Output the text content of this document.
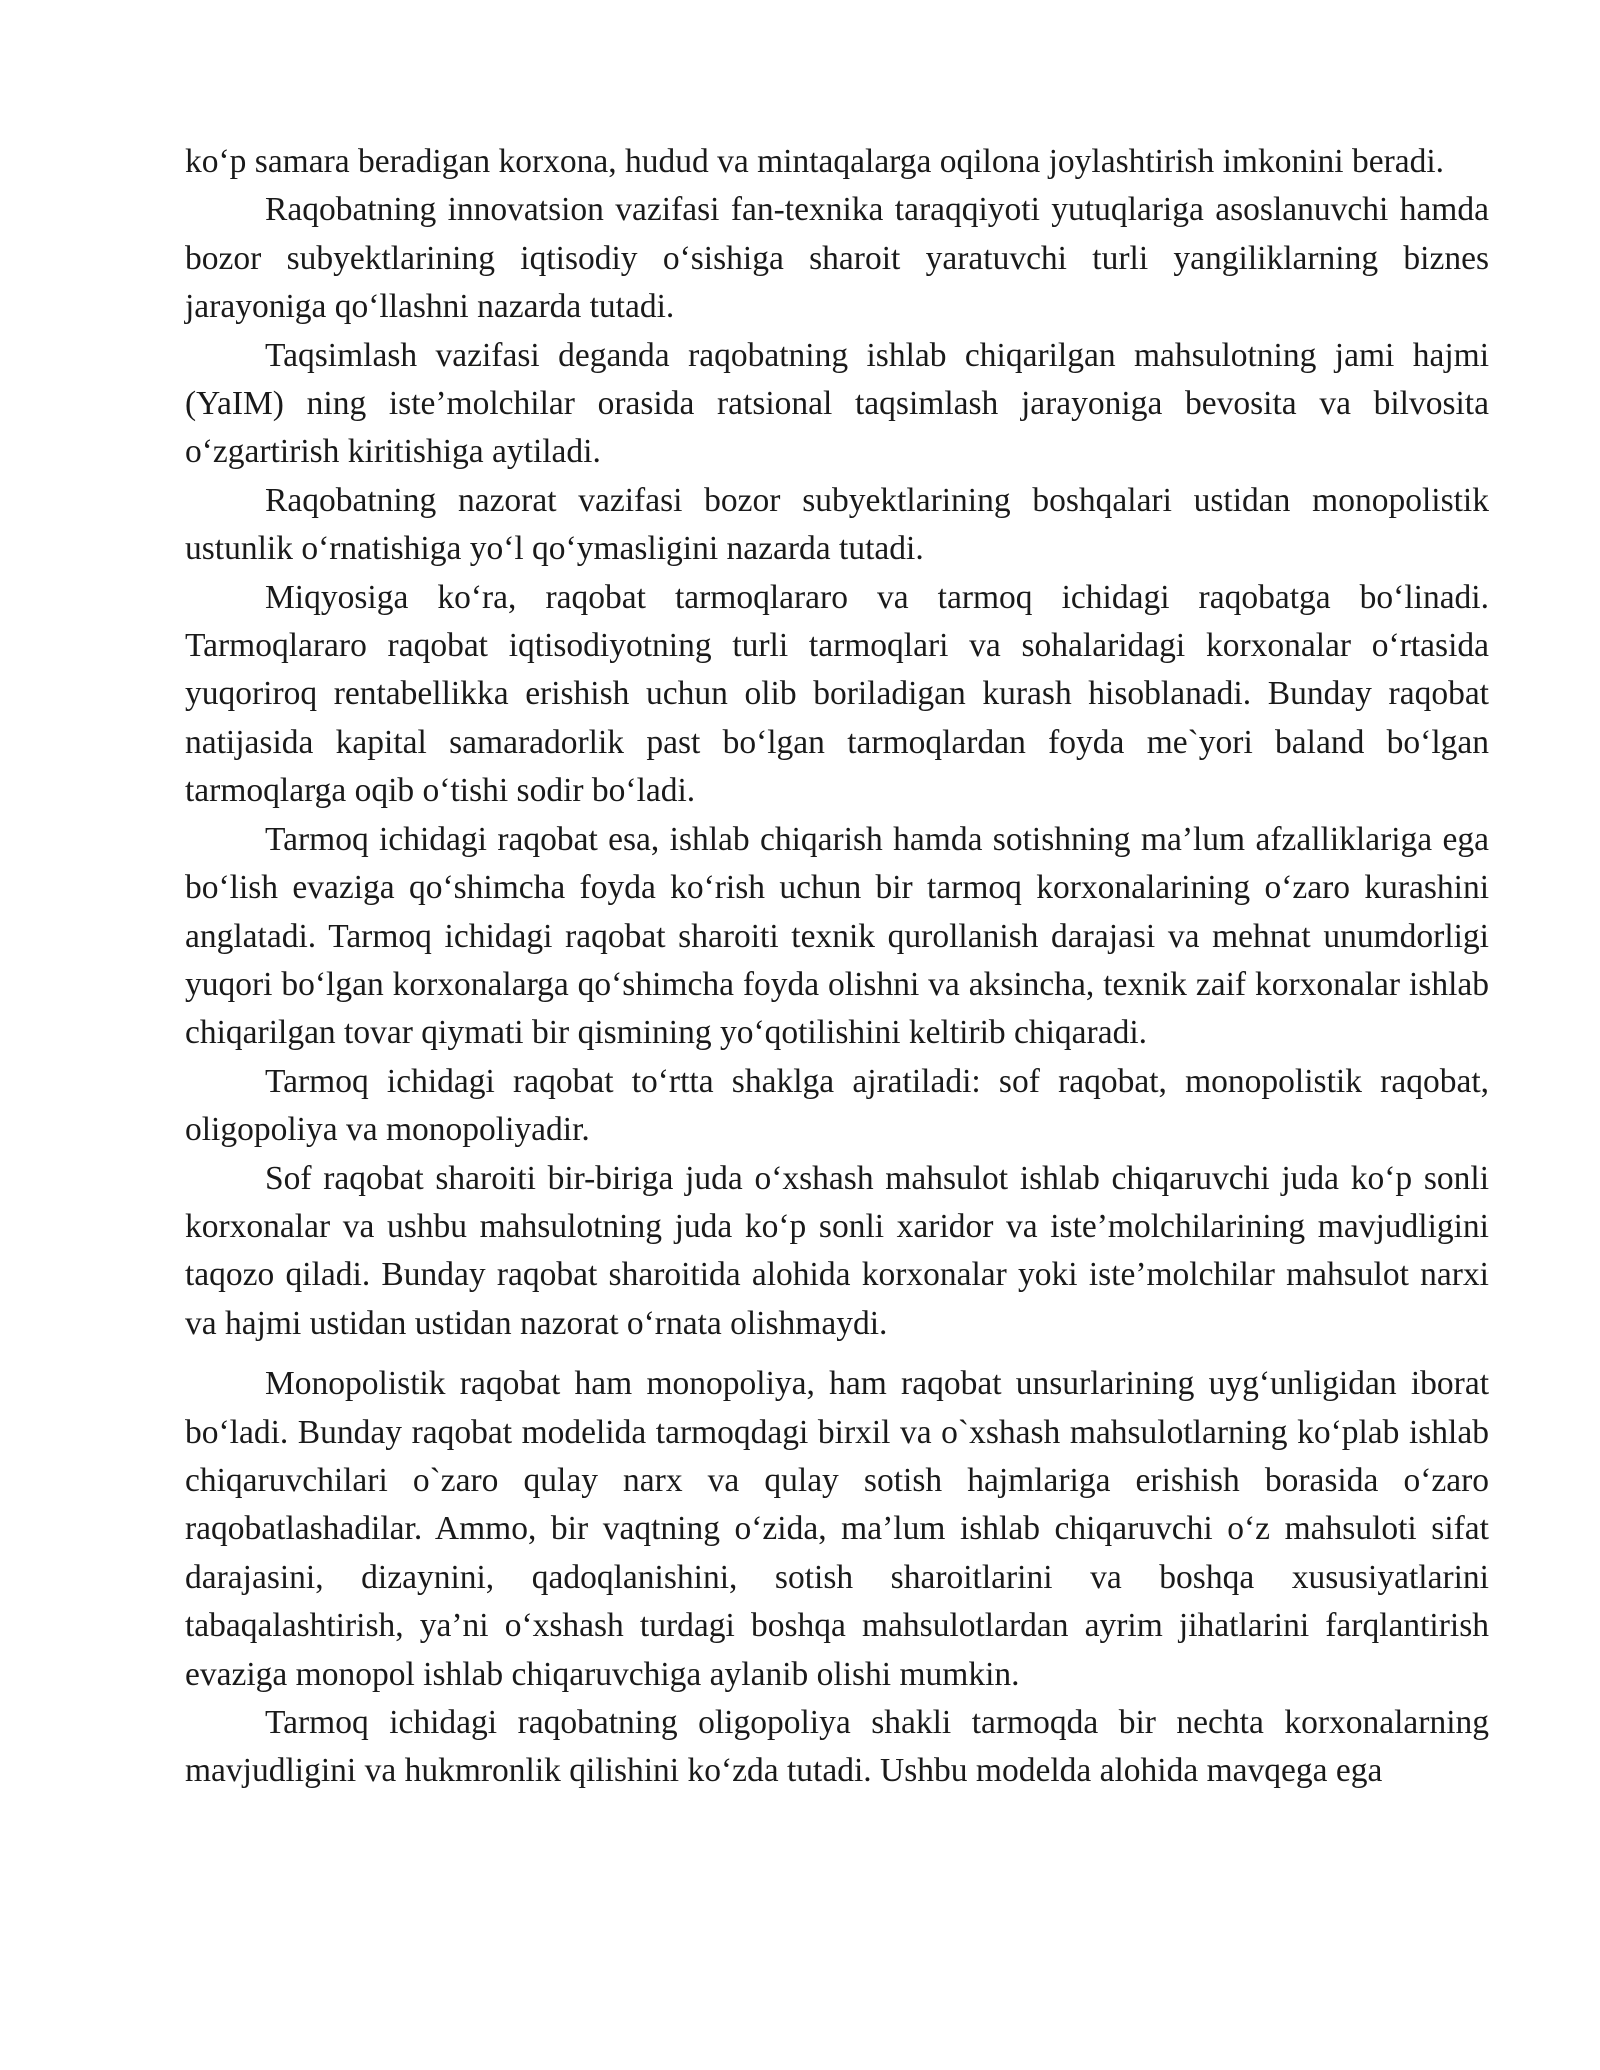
ko‘p samara beradigan korxona, hudud va mintaqalarga oqilona joylashtirish imkonini beradi.

Raqobatning innovatsion vazifasi fan-texnika taraqqiyoti yutuqlariga asoslanuvchi hamda bozor subyektlarining iqtisodiy o‘sishiga sharoit yaratuvchi turli yangiliklarning biznes jarayoniga qo‘llashni nazarda tutadi.

Taqsimlash vazifasi deganda raqobatning ishlab chiqarilgan mahsulotning jami hajmi (YaIM) ning iste’molchilar orasida ratsional taqsimlash jarayoniga bevosita va bilvosita o‘zgartirish kiritishiga aytiladi.

Raqobatning nazorat vazifasi bozor subyektlarining boshqalari ustidan monopolistik ustunlik o‘rnatishiga yo‘l qo‘ymasligini nazarda tutadi.

Miqyosiga ko‘ra, raqobat tarmoqlararo va tarmoq ichidagi raqobatga bo‘linadi. Tarmoqlararo raqobat iqtisodiyotning turli tarmoqlari va sohalaridagi korxonalar o‘rtasida yuqoriroq rentabellikka erishish uchun olib boriladigan kurash hisoblanadi. Bunday raqobat natijasida kapital samaradorlik past bo‘lgan tarmoqlardan foyda me`yori baland bo‘lgan tarmoqlarga oqib o‘tishi sodir bo‘ladi.

Tarmoq ichidagi raqobat esa, ishlab chiqarish hamda sotishning ma’lum afzalliklariga ega bo‘lish evaziga qo‘shimcha foyda ko‘rish uchun bir tarmoq korxonalarining o‘zaro kurashini anglatadi. Tarmoq ichidagi raqobat sharoiti texnik qurollanish darajasi va mehnat unumdorligi yuqori bo‘lgan korxonalarga qo‘shimcha foyda olishni va aksincha, texnik zaif korxonalar ishlab chiqarilgan tovar qiymati bir qismining yo‘qotilishini keltirib chiqaradi.

Tarmoq ichidagi raqobat to‘rtta shaklga ajratiladi: sof raqobat, monopolistik raqobat, oligopoliya va monopoliyadir.

Sof raqobat sharoiti bir-biriga juda o‘xshash mahsulot ishlab chiqaruvchi juda ko‘p sonli korxonalar va ushbu mahsulotning juda ko‘p sonli xaridor va iste’molchilarining mavjudligini taqozo qiladi. Bunday raqobat sharoitida alohida korxonalar yoki iste’molchilar mahsulot narxi va hajmi ustidan ustidan nazorat o‘rnata olishmaydi.

Monopolistik raqobat ham monopoliya, ham raqobat unsurlarining uyg‘unligidan iborat bo‘ladi. Bunday raqobat modelida tarmoqdagi birxil va o`xshash mahsulotlarning ko‘plab ishlab chiqaruvchilari o`zaro qulay narx va qulay sotish hajmlariga erishish borasida o‘zaro raqobatlashadilar. Ammo, bir vaqtning o‘zida, ma’lum ishlab chiqaruvchi o‘z mahsuloti sifat darajasini, dizaynini, qadoqlanishini, sotish sharoitlarini va boshqa xususiyatlarini tabaqalashtirish, ya’ni o‘xshash turdagi boshqa mahsulotlardan ayrim jihatlarini farqlantirish evaziga monopol ishlab chiqaruvchiga aylanib olishi mumkin.

Tarmoq ichidagi raqobatning oligopoliya shakli tarmoqda bir nechta korxonalarning mavjudligini va hukmronlik qilishini ko‘zda tutadi. Ushbu modelda alohida mavqega ega
